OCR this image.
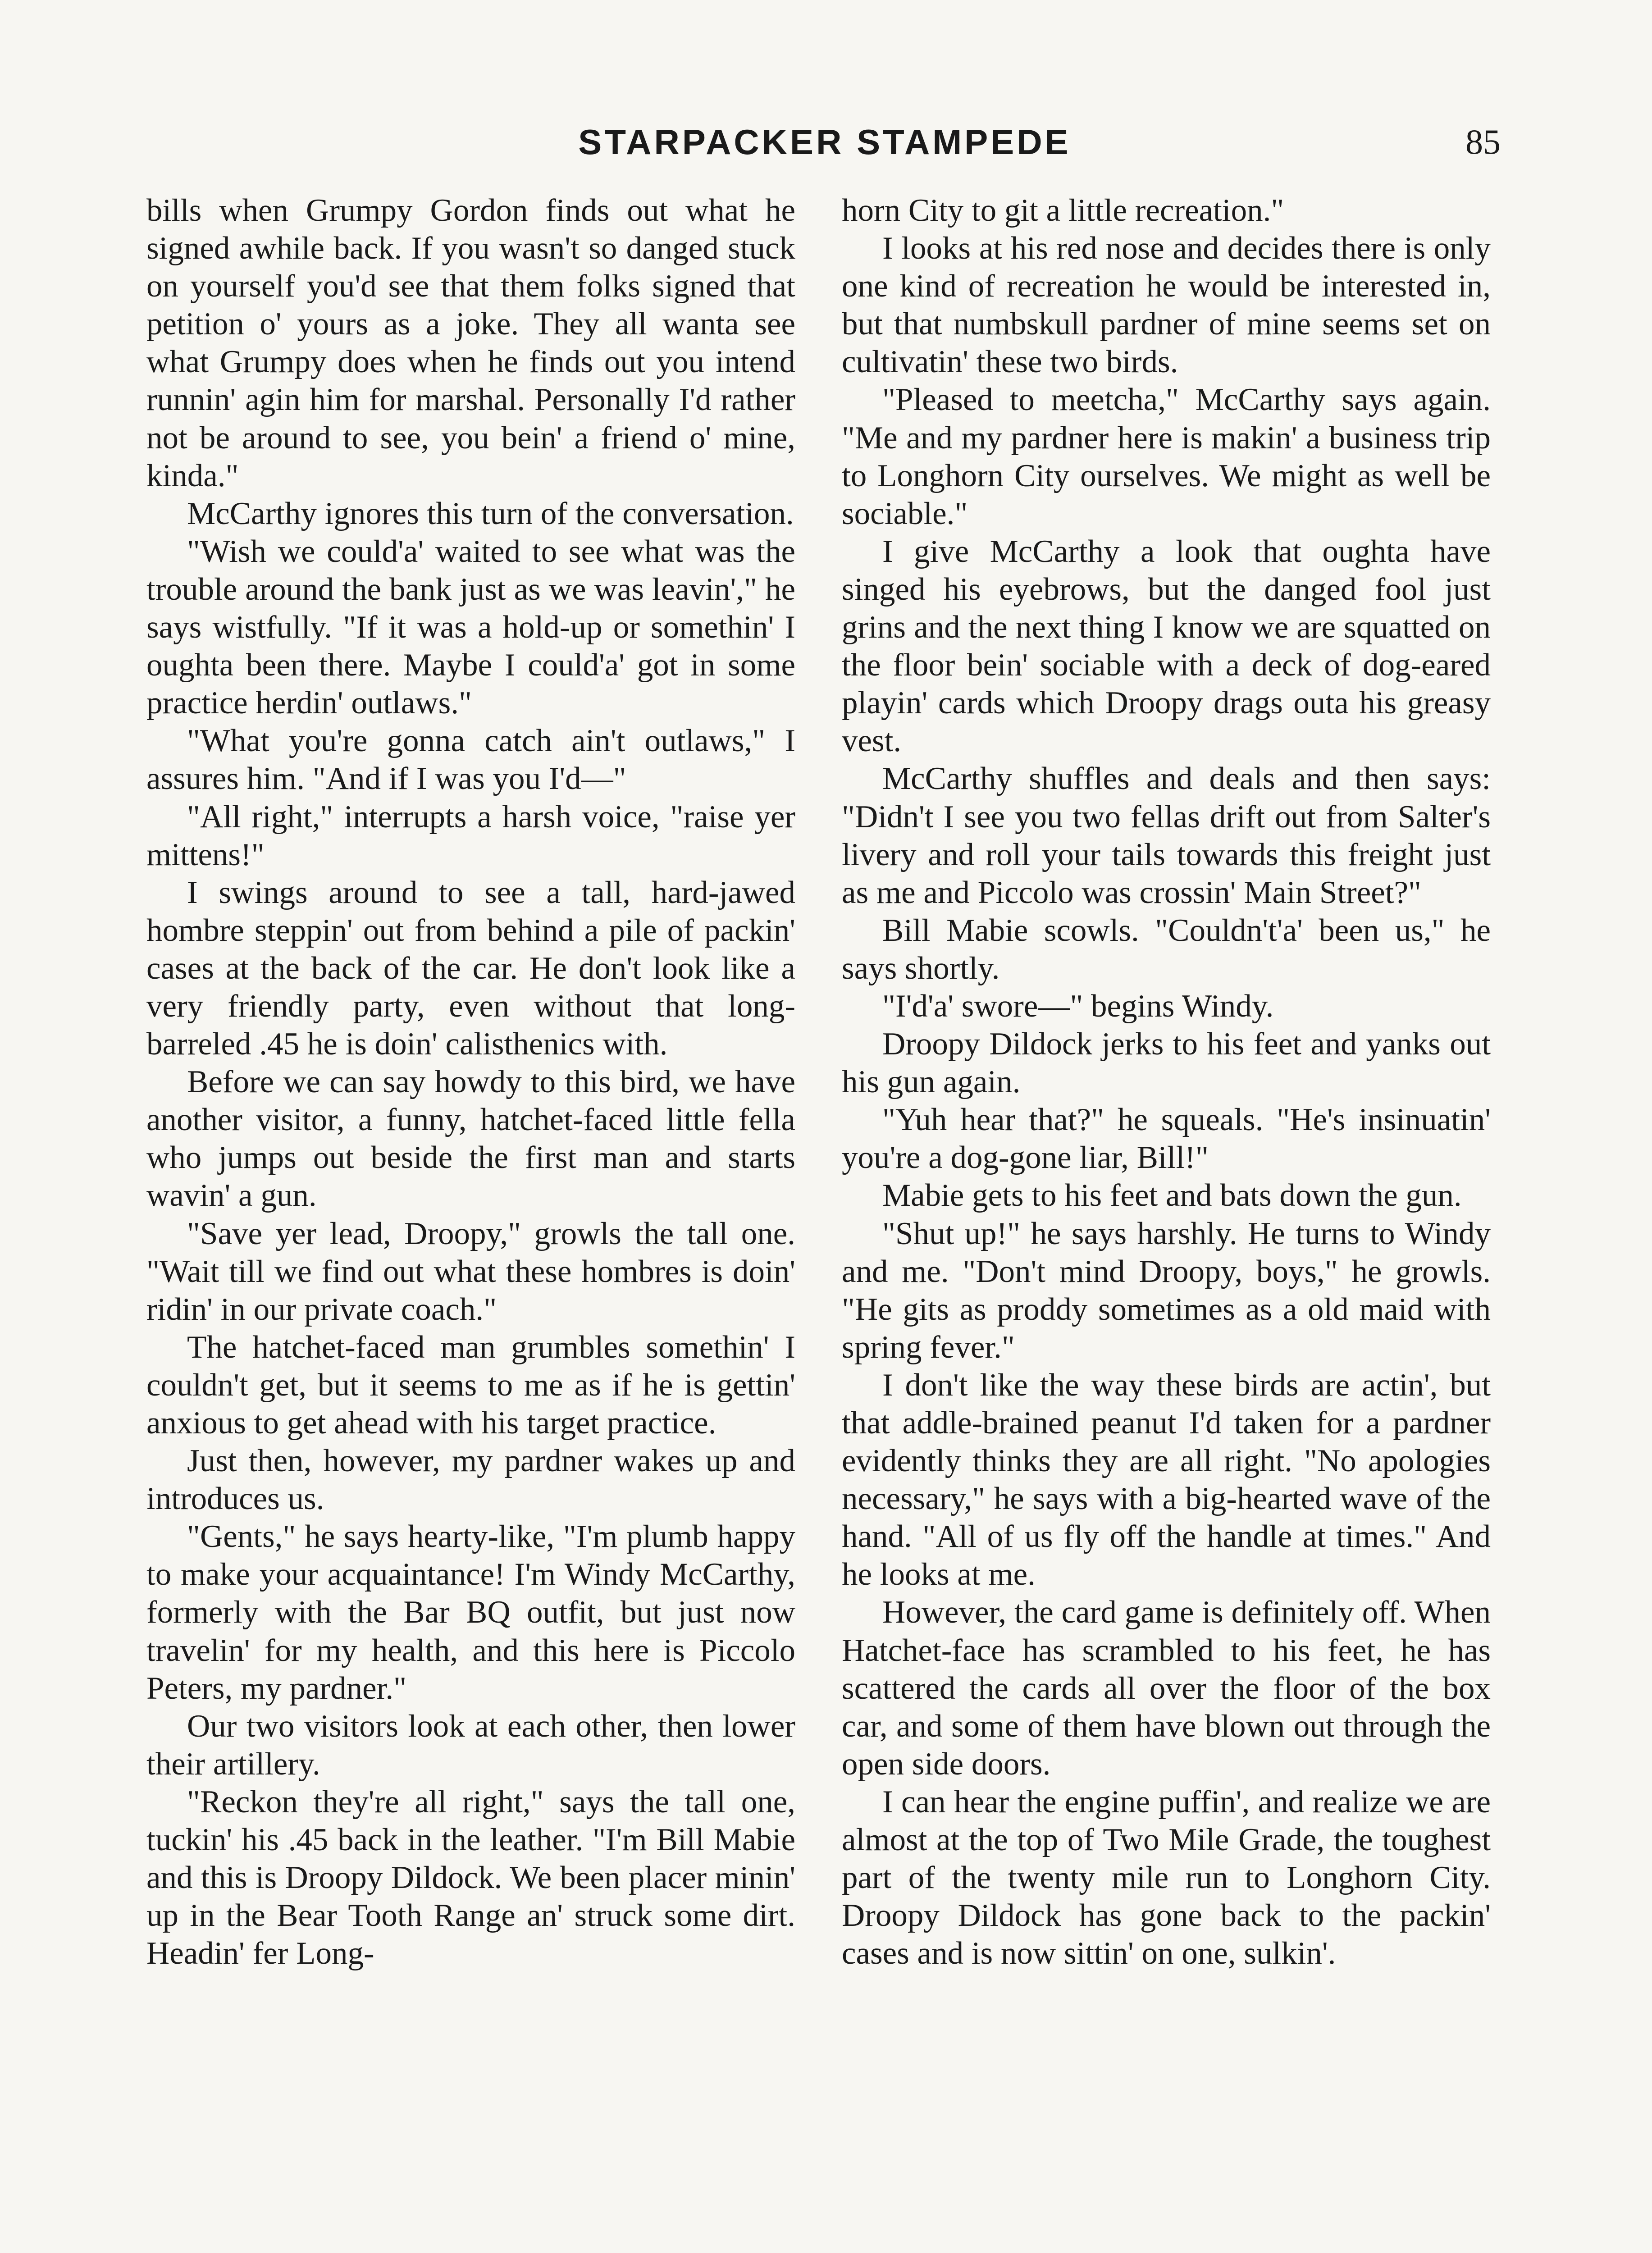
STARPACKER STAMPEDE	85

bills when Grumpy Gordon finds out what he signed awhile back. If you wasn't so danged stuck on yourself you'd see that them folks signed that petition o' yours as a joke. They all wanta see what Grumpy does when he finds out you intend runnin' agin him for marshal. Personally I'd rather not be around to see, you bein' a friend o' mine, kinda."

McCarthy ignores this turn of the conversation.

"Wish we could'a' waited to see what was the trouble around the bank just as we was leavin'," he says wistfully. "If it was a hold-up or somethin' I oughta been there. Maybe I could'a' got in some practice herdin' outlaws."

"What you're gonna catch ain't outlaws," I assures him. "And if I was you I'd—"

"All right," interrupts a harsh voice, "raise yer mittens!"

I swings around to see a tall, hard-jawed hombre steppin' out from behind a pile of packin' cases at the back of the car. He don't look like a very friendly party, even without that long-barreled .45 he is doin' calisthenics with.

Before we can say howdy to this bird, we have another visitor, a funny, hatchet-faced little fella who jumps out beside the first man and starts wavin' a gun.

"Save yer lead, Droopy," growls the tall one. "Wait till we find out what these hombres is doin' ridin' in our private coach."

The hatchet-faced man grumbles somethin' I couldn't get, but it seems to me as if he is gettin' anxious to get ahead with his target practice.

Just then, however, my pardner wakes up and introduces us.

"Gents," he says hearty-like, "I'm plumb happy to make your acquaintance! I'm Windy McCarthy, formerly with the Bar BQ outfit, but just now travelin' for my health, and this here is Piccolo Peters, my pardner."

Our two visitors look at each other, then lower their artillery.

"Reckon they're all right," says the tall one, tuckin' his .45 back in the leather. "I'm Bill Mabie and this is Droopy Dildock. We been placer minin' up in the Bear Tooth Range an' struck some dirt. Headin' fer Long-

horn City to git a little recreation."

I looks at his red nose and decides there is only one kind of recreation he would be interested in, but that numbskull pardner of mine seems set on cultivatin' these two birds.

"Pleased to meetcha," McCarthy says again. "Me and my pardner here is makin' a business trip to Longhorn City ourselves. We might as well be sociable."

I give McCarthy a look that oughta have singed his eyebrows, but the danged fool just grins and the next thing I know we are squatted on the floor bein' sociable with a deck of dog-eared playin' cards which Droopy drags outa his greasy vest.

McCarthy shuffles and deals and then says: "Didn't I see you two fellas drift out from Salter's livery and roll your tails towards this freight just as me and Piccolo was crossin' Main Street?"

Bill Mabie scowls. "Couldn't'a' been us," he says shortly.

"I'd'a' swore—" begins Windy.

Droopy Dildock jerks to his feet and yanks out his gun again.

"Yuh hear that?" he squeals. "He's insinuatin' you're a dog-gone liar, Bill!"

Mabie gets to his feet and bats down the gun.

"Shut up!" he says harshly. He turns to Windy and me. "Don't mind Droopy, boys," he growls. "He gits as proddy sometimes as a old maid with spring fever."

I don't like the way these birds are actin', but that addle-brained peanut I'd taken for a pardner evidently thinks they are all right. "No apologies necessary," he says with a big-hearted wave of the hand. "All of us fly off the handle at times." And he looks at me.

However, the card game is definitely off. When Hatchet-face has scrambled to his feet, he has scattered the cards all over the floor of the box car, and some of them have blown out through the open side doors.

I can hear the engine puffin', and realize we are almost at the top of Two Mile Grade, the toughest part of the twenty mile run to Longhorn City. Droopy Dildock has gone back to the packin' cases and is now sittin' on one, sulkin'.
